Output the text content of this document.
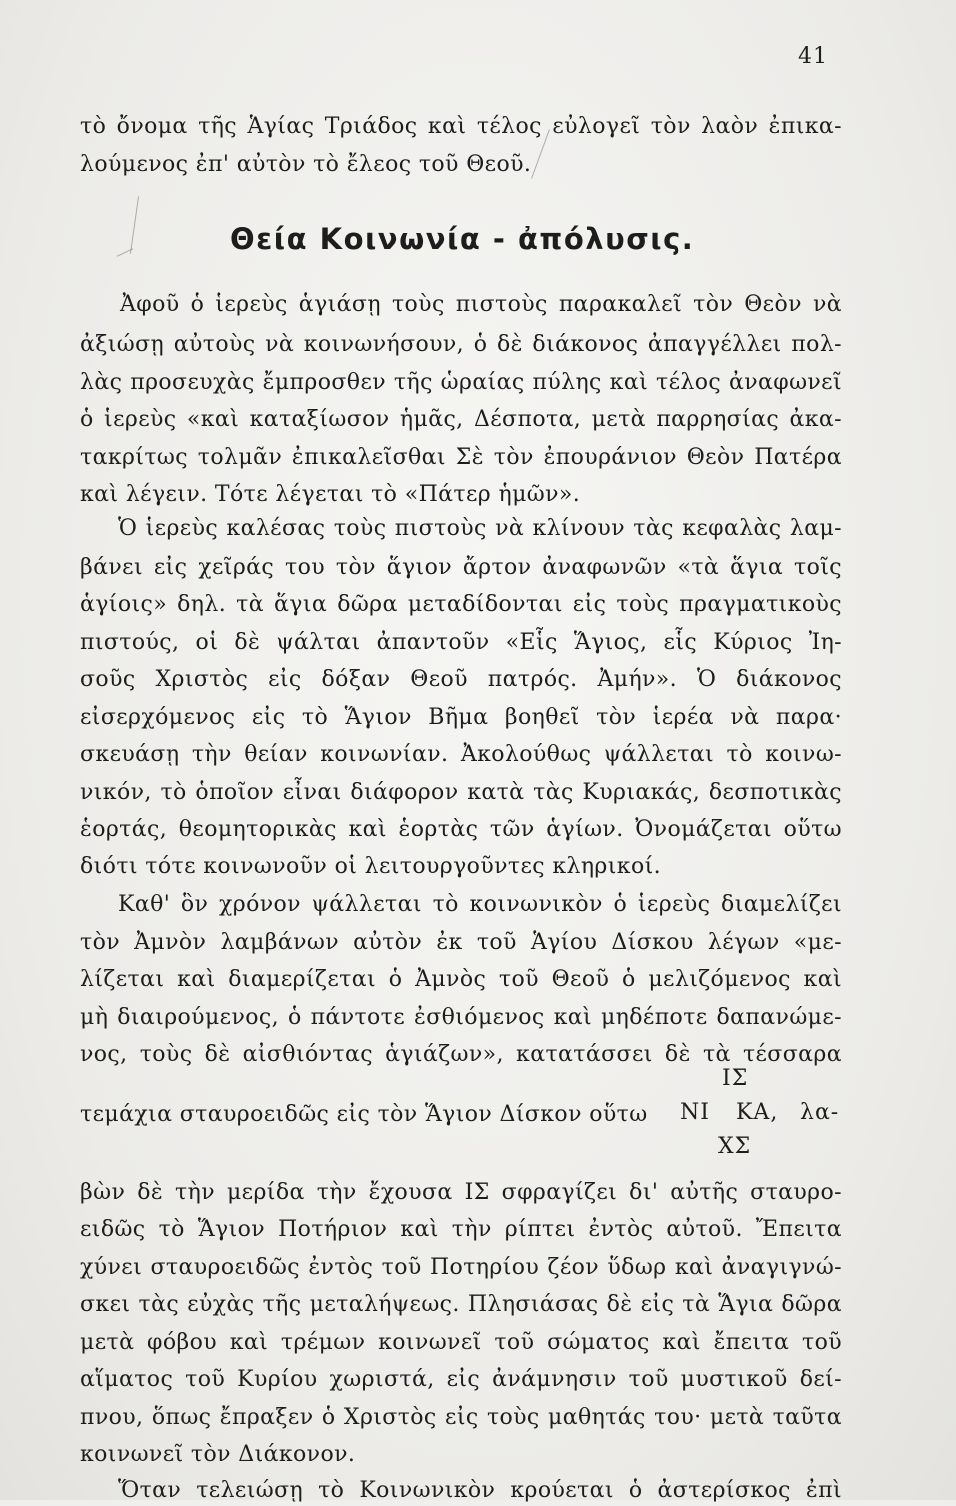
41
Θεία Κοινωνία - ἀπόλυσις.
τὸ ὄνομα τῆς Ἁγίας Τριάδος καὶ τέλος εὐλογεῖ τὸν λαὸν ἐπικα-
λούμενος ἐπ' αὐτὸν τὸ ἔλεος τοῦ Θεοῦ.
Ἀφοῦ ὁ ἱερεὺς ἁγιάσῃ τοὺς πιστοὺς παρακαλεῖ τὸν Θεὸν νὰ
ἀξιώσῃ αὐτοὺς νὰ κοινωνήσουν, ὁ δὲ διάκονος ἀπαγγέλλει πολ-
λὰς προσευχὰς ἔμπροσθεν τῆς ὡραίας πύλης καὶ τέλος ἀναφωνεῖ
ὁ ἱερεὺς «καὶ καταξίωσον ἡμᾶς, Δέσποτα, μετὰ παρρησίας ἀκα-
τακρίτως τολμᾶν ἐπικαλεῖσθαι Σὲ τὸν ἐπουράνιον Θεὸν Πατέρα
καὶ λέγειν. Τότε λέγεται τὸ «Πάτερ ἡμῶν».
Ὁ ἱερεὺς καλέσας τοὺς πιστοὺς νὰ κλίνουν τὰς κεφαλὰς λαμ-
βάνει εἰς χεῖράς του τὸν ἅγιον ἄρτον ἀναφωνῶν «τὰ ἅγια τοῖς
ἁγίοις» δηλ. τὰ ἅγια δῶρα μεταδίδονται εἰς τοὺς πραγματικοὺς
πιστούς, οἱ δὲ ψάλται ἀπαντοῦν «Εἷς Ἅγιος, εἷς Κύριος Ἰη-
σοῦς Χριστὸς εἰς δόξαν Θεοῦ πατρός. Ἀμήν». Ὁ διάκονος
εἰσερχόμενος εἰς τὸ Ἅγιον Βῆμα βοηθεῖ τὸν ἱερέα νὰ παρα·
σκευάσῃ τὴν θείαν κοινωνίαν. Ἀκολούθως ψάλλεται τὸ κοινω-
νικόν, τὸ ὁποῖον εἶναι διάφορον κατὰ τὰς Κυριακάς, δεσποτικὰς
ἑορτάς, θεομητορικὰς καὶ ἑορτὰς τῶν ἁγίων. Ὀνομάζεται οὕτω
διότι τότε κοινωνοῦν οἱ λειτουργοῦντες κληρικοί.
Καθ' ὃν χρόνον ψάλλεται τὸ κοινωνικὸν ὁ ἱερεὺς διαμελίζει
τὸν Ἀμνὸν λαμβάνων αὐτὸν ἐκ τοῦ Ἁγίου Δίσκου λέγων «με-
λίζεται καὶ διαμερίζεται ὁ Ἀμνὸς τοῦ Θεοῦ ὁ μελιζόμενος καὶ
μὴ διαιρούμενος, ὁ πάντοτε ἐσθιόμενος καὶ μηδέποτε δαπανώμε-
νος, τοὺς δὲ αἰσθιόντας ἁγιάζων», κατατάσσει δὲ τὰ τέσσαρα
ΙΣ
τεμάχια σταυροειδῶς εἰς τὸν Ἅγιον Δίσκον οὕτω ΝΙ ΚΑ, λα-
ΧΣ
βὼν δὲ τὴν μερίδα τὴν ἔχουσα ΙΣ σφραγίζει δι' αὐτῆς σταυρο-
ειδῶς τὸ Ἅγιον Ποτήριον καὶ τὴν ρίπτει ἐντὸς αὐτοῦ. Ἔπειτα
χύνει σταυροειδῶς ἐντὸς τοῦ Ποτηρίου ζέον ὕδωρ καὶ ἀναγιγνώ-
σκει τὰς εὐχὰς τῆς μεταλήψεως. Πλησιάσας δὲ εἰς τὰ Ἅγια δῶρα
μετὰ φόβου καὶ τρέμων κοινωνεῖ τοῦ σώματος καὶ ἔπειτα τοῦ
αἵματος τοῦ Κυρίου χωριστά, εἰς ἀνάμνησιν τοῦ μυστικοῦ δεί-
πνου, ὅπως ἔπραξεν ὁ Χριστὸς εἰς τοὺς μαθητάς του· μετὰ ταῦτα
κοινωνεῖ τὸν Διάκονον.
Ὅταν τελειώσῃ τὸ Κοινωνικὸν κρούεται ὁ ἀστερίσκος ἐπὶ
